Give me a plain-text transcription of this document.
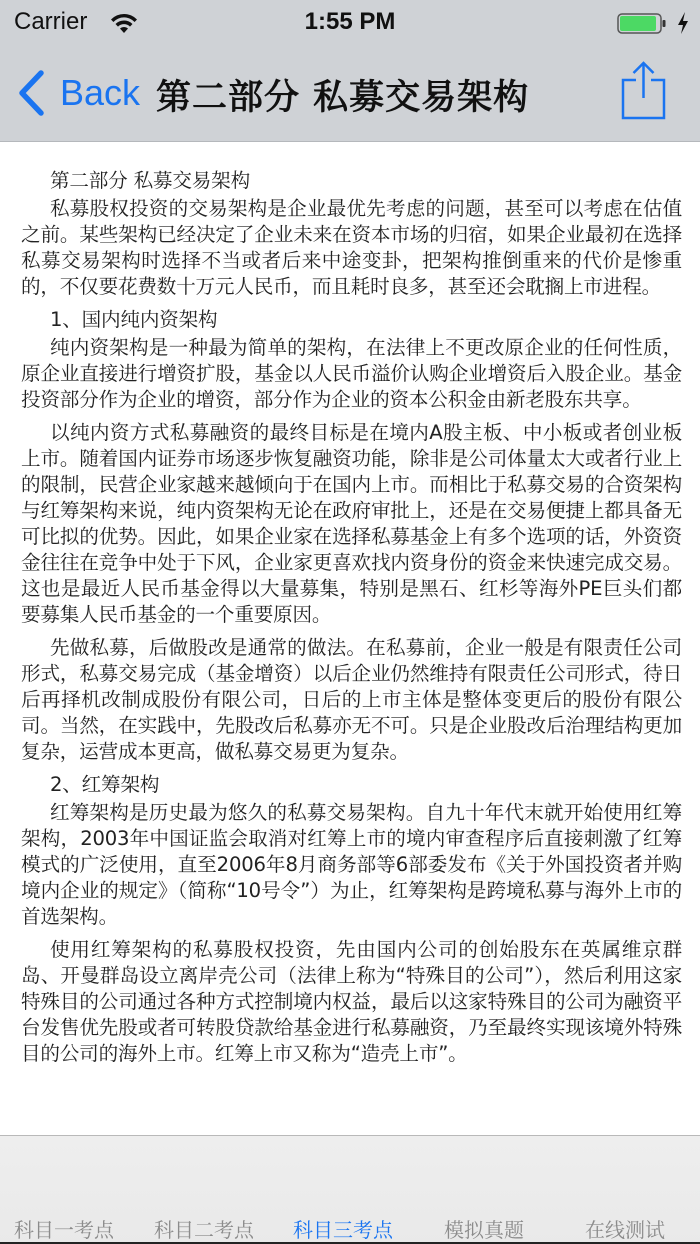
Carrier	1:55 PM
Back 第二部分 私募交易架构

第二部分 私募交易架构

私募股权投资的交易架构是企业最优先考虑的问题，甚至可以考虑在估值之前。某些架构已经决定了企业未来在资本市场的归宿，如果企业最初在选择私募交易架构时选择不当或者后来中途变卦，把架构推倒重来的代价是惨重的，不仅要花费数十万元人民币，而且耗时良多，甚至还会耽搁上市进程。

1、国内纯内资架构

纯内资架构是一种最为简单的架构，在法律上不更改原企业的任何性质，原企业直接进行增资扩股，基金以人民币溢价认购企业增资后入股企业。基金投资部分作为企业的增资，部分作为企业的资本公积金由新老股东共享。

以纯内资方式私募融资的最终目标是在境内A股主板、中小板或者创业板上市。随着国内证券市场逐步恢复融资功能，除非是公司体量太大或者行业上的限制，民营企业家越来越倾向于在国内上市。而相比于私募交易的合资架构与红筹架构来说，纯内资架构无论在政府审批上，还是在交易便捷上都具备无可比拟的优势。因此，如果企业家在选择私募基金上有多个选项的话，外资资金往往在竞争中处于下风，企业家更喜欢找内资身份的资金来快速完成交易。这也是最近人民币基金得以大量募集，特别是黑石、红杉等海外PE巨头们都要募集人民币基金的一个重要原因。

先做私募，后做股改是通常的做法。在私募前，企业一般是有限责任公司形式，私募交易完成（基金增资）以后企业仍然维持有限责任公司形式，待日后再择机改制成股份有限公司，日后的上市主体是整体变更后的股份有限公司。当然，在实践中，先股改后私募亦无不可。只是企业股改后治理结构更加复杂，运营成本更高，做私募交易更为复杂。

2、红筹架构

红筹架构是历史最为悠久的私募交易架构。自九十年代末就开始使用红筹架构，2003年中国证监会取消对红筹上市的境内审查程序后直接刺激了红筹模式的广泛使用，直至2006年8月商务部等6部委发布《关于外国投资者并购境内企业的规定》（简称“10号令”）为止，红筹架构是跨境私募与海外上市的首选架构。

使用红筹架构的私募股权投资，先由国内公司的创始股东在英属维京群岛、开曼群岛设立离岸壳公司（法律上称为“特殊目的公司”），然后利用这家特殊目的公司通过各种方式控制境内权益，最后以这家特殊目的公司为融资平台发售优先股或者可转股贷款给基金进行私募融资，乃至最终实现该境外特殊目的公司的海外上市。红筹上市又称为“造壳上市”。

科目一考点 科目二考点 科目三考点	模拟真题	在线测试
